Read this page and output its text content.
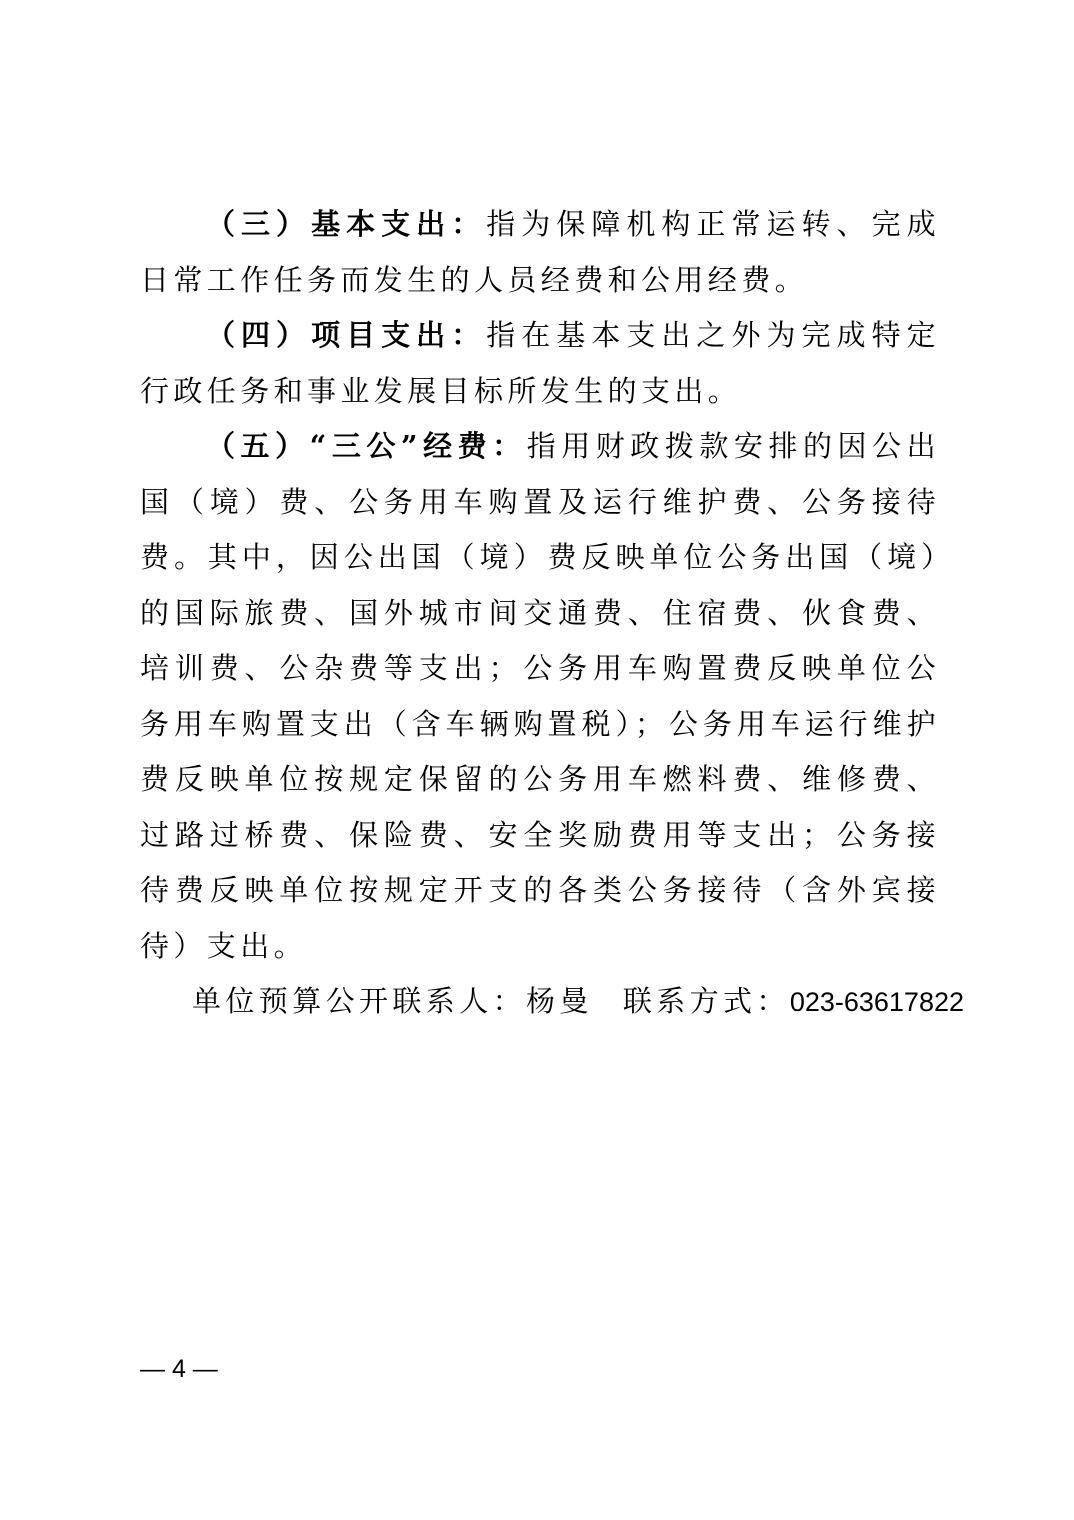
（三）基本支出：指为保障机构正常运转、完成日常工作任务而发生的人员经费和公用经费。

（四）项目支出：指在基本支出之外为完成特定行政任务和事业发展目标所发生的支出。

（五）“三公”经费：指用财政拨款安排的因公出国（境）费、公务用车购置及运行维护费、公务接待费。其中，因公出国（境）费反映单位公务出国（境）的国际旅费、国外城市间交通费、住宿费、伙食费、培训费、公杂费等支出；公务用车购置费反映单位公务用车购置支出（含车辆购置税）；公务用车运行维护费反映单位按规定保留的公务用车燃料费、维修费、过路过桥费、保险费、安全奖励费用等支出；公务接待费反映单位按规定开支的各类公务接待（含外宾接待）支出。

单位预算公开联系人：杨曼 联系方式：023-63617822

— 4 —
